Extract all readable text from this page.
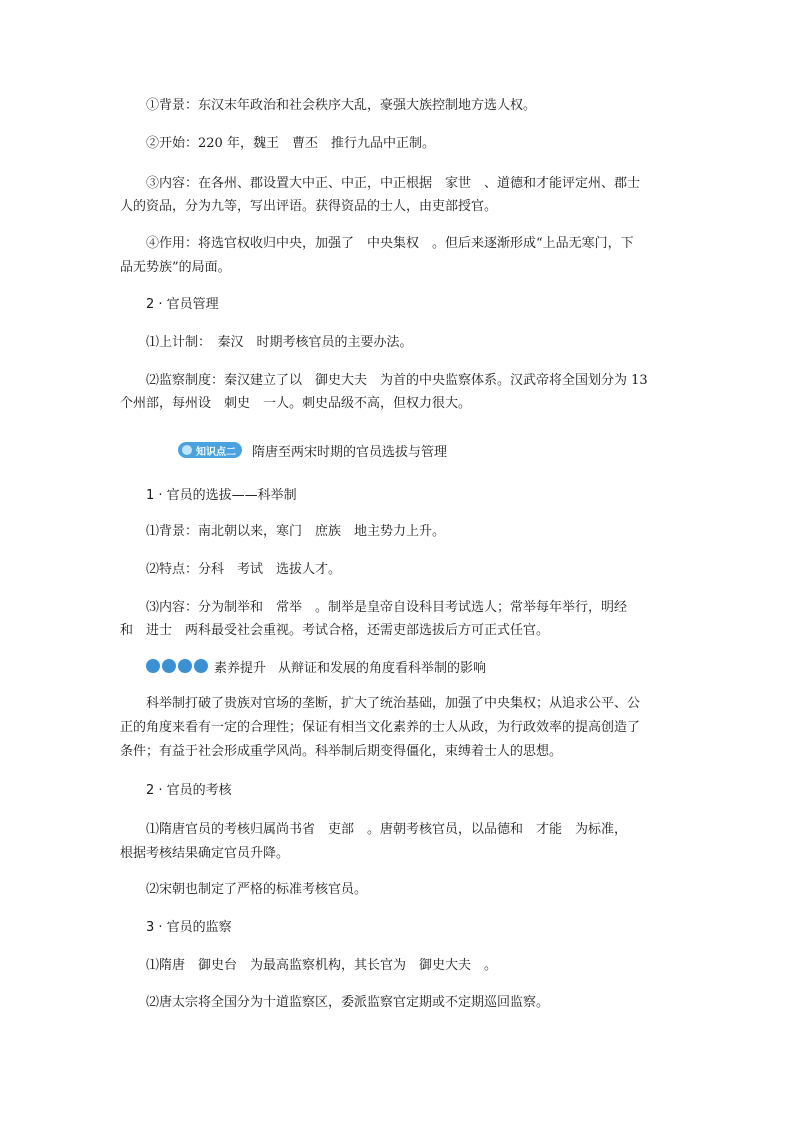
①背景：东汉末年政治和社会秩序大乱，豪强大族控制地方选人权。
②开始：220 年，魏王　曹丕　推行九品中正制。
③内容：在各州、郡设置大中正、中正，中正根据　家世　、道德和才能评定州、郡士
人的资品，分为九等，写出评语。获得资品的士人，由吏部授官。
④作用：将选官权收归中央，加强了　中央集权　。但后来逐渐形成“上品无寒门，下
品无势族”的局面。
2 · 官员管理
⑴上计制：　秦汉　时期考核官员的主要办法。
⑵监察制度：秦汉建立了以　御史大夫　为首的中央监察体系。汉武帝将全国划分为 13
个州部，每州设　刺史　一人。刺史品级不高，但权力很大。
知识点二 隋唐至两宋时期的官员选拔与管理
1 · 官员的选拔——科举制
⑴背景：南北朝以来，寒门　庶族　地主势力上升。
⑵特点：分科　考试　选拔人才。
⑶内容：分为制举和　常举　。制举是皇帝自设科目考试选人；常举每年举行，明经
和　进士　两科最受社会重视。考试合格，还需吏部选拔后方可正式任官。
素养提升 从辩证和发展的角度看科举制的影响
科举制打破了贵族对官场的垄断，扩大了统治基础，加强了中央集权；从追求公平、公
正的角度来看有一定的合理性；保证有相当文化素养的士人从政，为行政效率的提高创造了
条件；有益于社会形成重学风尚。科举制后期变得僵化，束缚着士人的思想。
2 · 官员的考核
⑴隋唐官员的考核归属尚书省　吏部　。唐朝考核官员，以品德和　才能　为标准，
根据考核结果确定官员升降。
⑵宋朝也制定了严格的标准考核官员。
3 · 官员的监察
⑴隋唐　御史台　为最高监察机构，其长官为　御史大夫　。
⑵唐太宗将全国分为十道监察区，委派监察官定期或不定期巡回监察。
